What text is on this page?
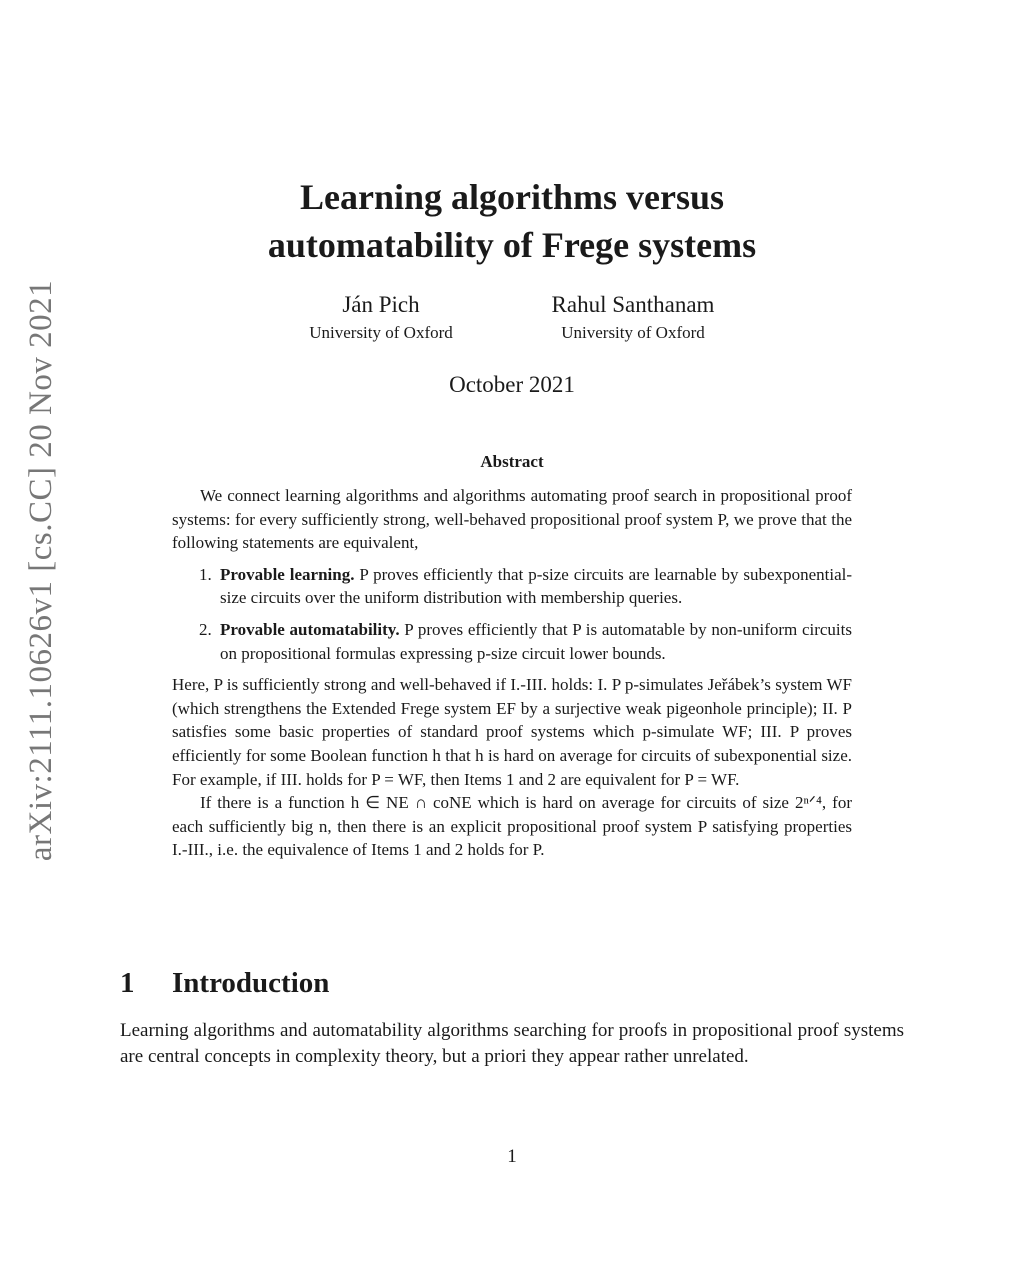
arXiv:2111.10626v1 [cs.CC] 20 Nov 2021
Learning algorithms versus
automatability of Frege systems
Ján Pich
University of Oxford
Rahul Santhanam
University of Oxford
October 2021
Abstract

We connect learning algorithms and algorithms automating proof search in propositional proof systems: for every sufficiently strong, well-behaved propositional proof system P, we prove that the following statements are equivalent,

1. Provable learning. P proves efficiently that p-size circuits are learnable by subexponential-size circuits over the uniform distribution with membership queries.
2. Provable automatability. P proves efficiently that P is automatable by non-uniform circuits on propositional formulas expressing p-size circuit lower bounds.

Here, P is sufficiently strong and well-behaved if I.-III. holds: I. P p-simulates Jeřábek’s system WF (which strengthens the Extended Frege system EF by a surjective weak pigeonhole principle); II. P satisfies some basic properties of standard proof systems which p-simulate WF; III. P proves efficiently for some Boolean function h that h is hard on average for circuits of subexponential size. For example, if III. holds for P = WF, then Items 1 and 2 are equivalent for P = WF.

If there is a function h ∈ NE ∩ coNE which is hard on average for circuits of size 2ⁿᐟ⁴, for each sufficiently big n, then there is an explicit propositional proof system P satisfying properties I.-III., i.e. the equivalence of Items 1 and 2 holds for P.

1 Introduction

Learning algorithms and automatability algorithms searching for proofs in propositional proof systems are central concepts in complexity theory, but a priori they appear rather unrelated.

1
